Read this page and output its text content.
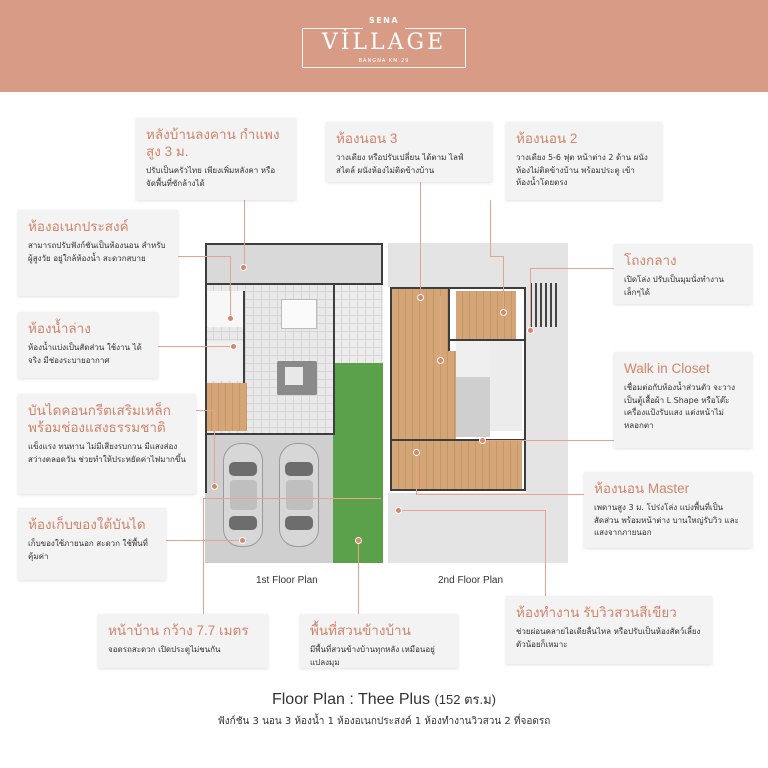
SENA
VİLLAGE
BANGNA KM.29
1st Floor Plan	2nd Floor Plan
หลังบ้านลงคาน กำแพงสูง 3 ม.
ปรับเป็นครัวไทย เพียงเพิ่มหลังคา หรือ จัดพื้นที่ซักล้างได้
ห้องนอน 3
วางเตียง หรือปรับเปลี่ยน ได้ตาม ไลฟ์สไตล์ ผนังห้องไม่ติดข้างบ้าน
ห้องนอน 2
วางเตียง 5-6 ฟุต หน้าต่าง 2 ด้าน ผนังห้องไม่ติดข้างบ้าน พร้อมประตู เข้าห้องน้ำโดยตรง
ห้องอเนกประสงค์
สามารถปรับฟังก์ชันเป็นห้องนอน สำหรับผู้สูงวัย อยู่ใกล้ห้องน้ำ สะดวกสบาย	โถงกลาง
เปิดโล่ง ปรับเป็นมุมนั่งทำงาน เล็กๆได้
ห้องน้ำล่าง
ห้องน้ำแบ่งเป็นสัดส่วน ใช้งาน ได้จริง มีช่องระบายอากาศ
Walk in Closet
เชื่อมต่อกับห้องน้ำส่วนตัว จะวางเป็นตู้เสื้อผ้า L Shape หรือโต๊ะเครื่องแป้งรับแสง แต่งหน้าไม่หลอกตา
บันไดคอนกรีตเสริมเหล็ก พร้อมช่องแสงธรรมชาติ
แข็งแรง ทนทาน ไม่มีเสียงรบกวน มีแสงส่องสว่างตลอดวัน ช่วยทำให้ประหยัดค่าไฟมากขึ้น
ห้องเก็บของใต้บันได
เก็บของใช้ภายนอก สะดวก ใช้พื้นที่คุ้มค่า
ห้องนอน Master
เพดานสูง 3 ม. โปร่งโล่ง แบ่งพื้นที่เป็นสัดส่วน พร้อมหน้าต่าง บานใหญ่รับวิว และแสงจากภายนอก
หน้าบ้าน กว้าง 7.7 เมตร
จอดรถสะดวก เปิดประตูไม่ชนกัน
พื้นที่สวนข้างบ้าน
มีพื้นที่สวนข้างบ้านทุกหลัง เหมือนอยู่แปลงมุม
ห้องทำงาน รับวิวสวนสีเขียว
ช่วยผ่อนคลายไอเดียลื่นไหล หรือปรับเป็นห้องสัตว์เลี้ยงตัวน้อยก็เหมาะ
Floor Plan : Thee Plus (152 ตร.ม)
ฟังก์ชัน 3 นอน 3 ห้องน้ำ 1 ห้องอเนกประสงค์ 1 ห้องทำงานวิวสวน 2 ที่จอดรถ
